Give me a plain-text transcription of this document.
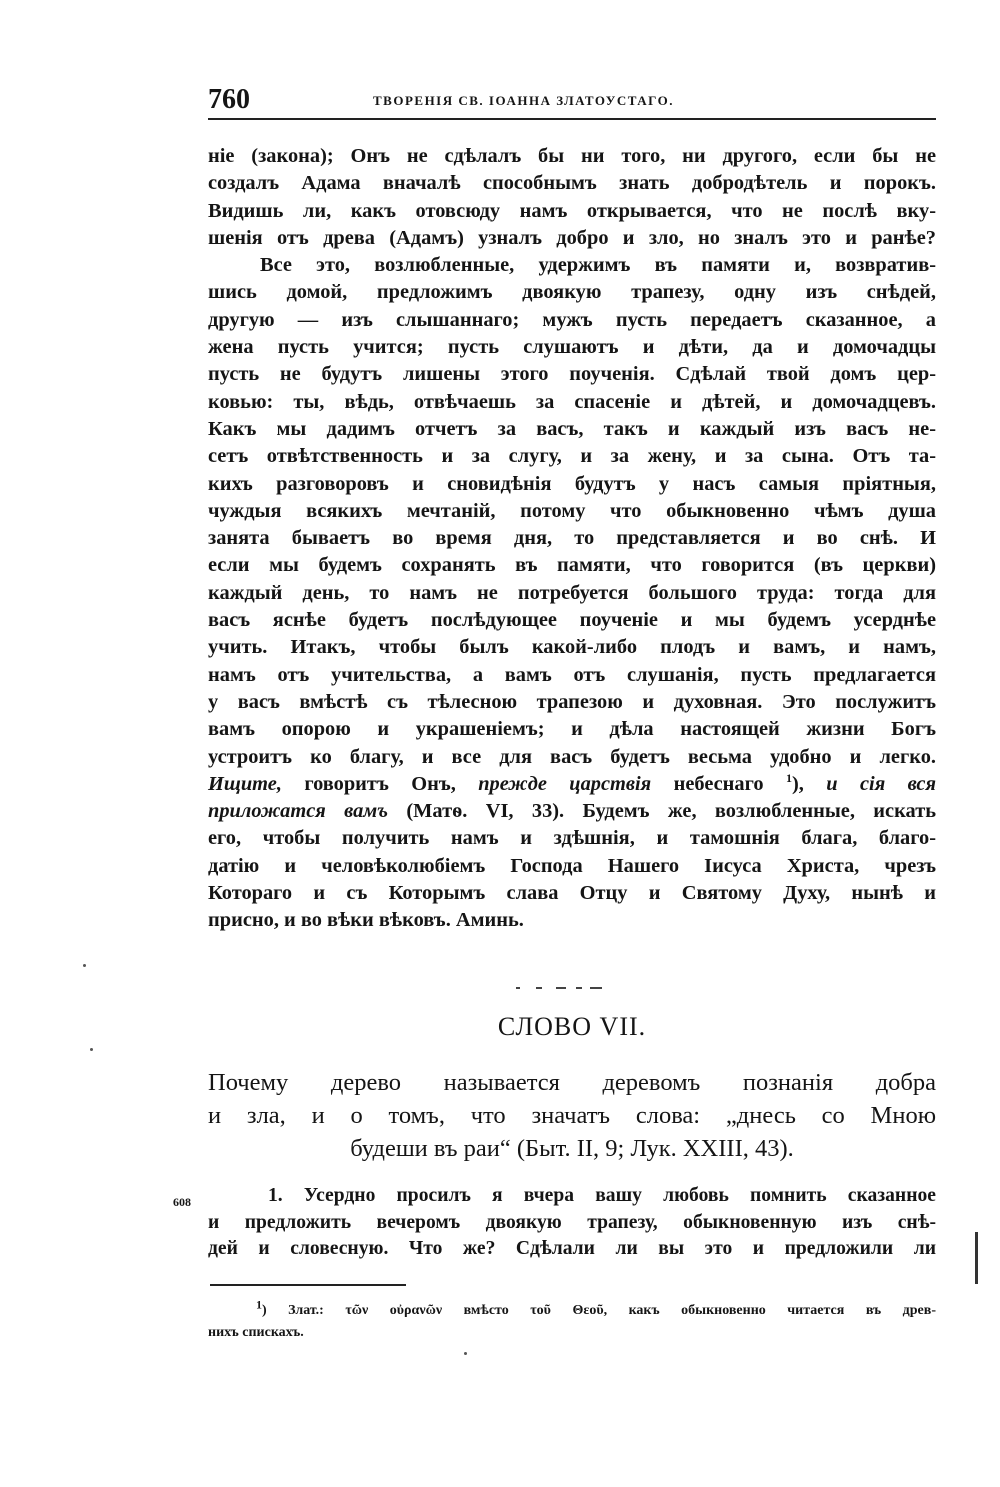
760	ТВОРЕНІЯ СВ. ІОАННА ЗЛАТОУСТАГО.
ніе (закона); Онъ не сдѣлалъ бы ни того, ни другого, если бы не
создалъ Адама вначалѣ способнымъ знать добродѣтель и порокъ.
Видишь ли, какъ отовсюду намъ открывается, что не послѣ вку-
шенія отъ древа (Адамъ) узналъ добро и зло, но зналъ это и ранѣе?
Все это, возлюбленные, удержимъ въ памяти и, возвратив-
шись домой, предложимъ двоякую трапезу, одну изъ снѣдей,
другую — изъ слышаннаго; мужъ пусть передаетъ сказанное, а
жена пусть учится; пусть слушаютъ и дѣти, да и домочадцы
пусть не будутъ лишены этого поученія. Сдѣлай твой домъ цер-
ковью: ты, вѣдь, отвѣчаешь за спасеніе и дѣтей, и домочадцевъ.
Какъ мы дадимъ отчетъ за васъ, такъ и каждый изъ васъ не-
сетъ отвѣтственность и за слугу, и за жену, и за сына. Отъ та-
кихъ разговоровъ и сновидѣнія будутъ у насъ самыя пріятныя,
чуждыя всякихъ мечтаній, потому что обыкновенно чѣмъ душа
занята бываетъ во время дня, то представляется и во снѣ. И
если мы будемъ сохранять въ памяти, что говорится (въ церкви)
каждый день, то намъ не потребуется большого труда: тогда для
васъ яснѣе будетъ послѣдующее поученіе и мы будемъ усерднѣе
учить. Итакъ, чтобы былъ какой-либо плодъ и вамъ, и намъ,
намъ отъ учительства, а вамъ отъ слушанія, пусть предлагается
у васъ вмѣстѣ съ тѣлесною трапезою и духовная. Это послужитъ
вамъ опорою и украшеніемъ; и дѣла настоящей жизни Богъ
устроитъ ко благу, и все для васъ будетъ весьма удобно и легко.
Ищите, говоритъ Онъ, прежде царствія небеснаго $^1$), и сія вся
приложатся вамъ (Матѳ. VI, 33). Будемъ же, возлюбленные, искать
его, чтобы получить намъ и здѣшнія, и тамошнія блага, благо-
датію и человѣколюбіемъ Господа Нашего Іисуса Христа, чрезъ
Котораго и съ Которымъ слава Отцу и Святому Духу, нынѣ и
присно, и во вѣки вѣковъ. Аминь.
СЛОВО VII.
Почему дерево называется деревомъ познанія добра
и зла, и о томъ, что значатъ слова: „днесь со Мною
будеши въ раи“ (Быт. II, 9; Лук. XXIII, 43).
608	1. Усердно просилъ я вчера вашу любовь помнить сказанное
и предложить вечеромъ двоякую трапезу, обыкновенную изъ снѣ-
дей и словесную. Что же? Сдѣлали ли вы это и предложили ли
1) Злат.: τῶν οὐρανῶν вмѣсто τοῦ Θεοῦ, какъ обыкновенно читается въ древ-
нихъ спискахъ.
